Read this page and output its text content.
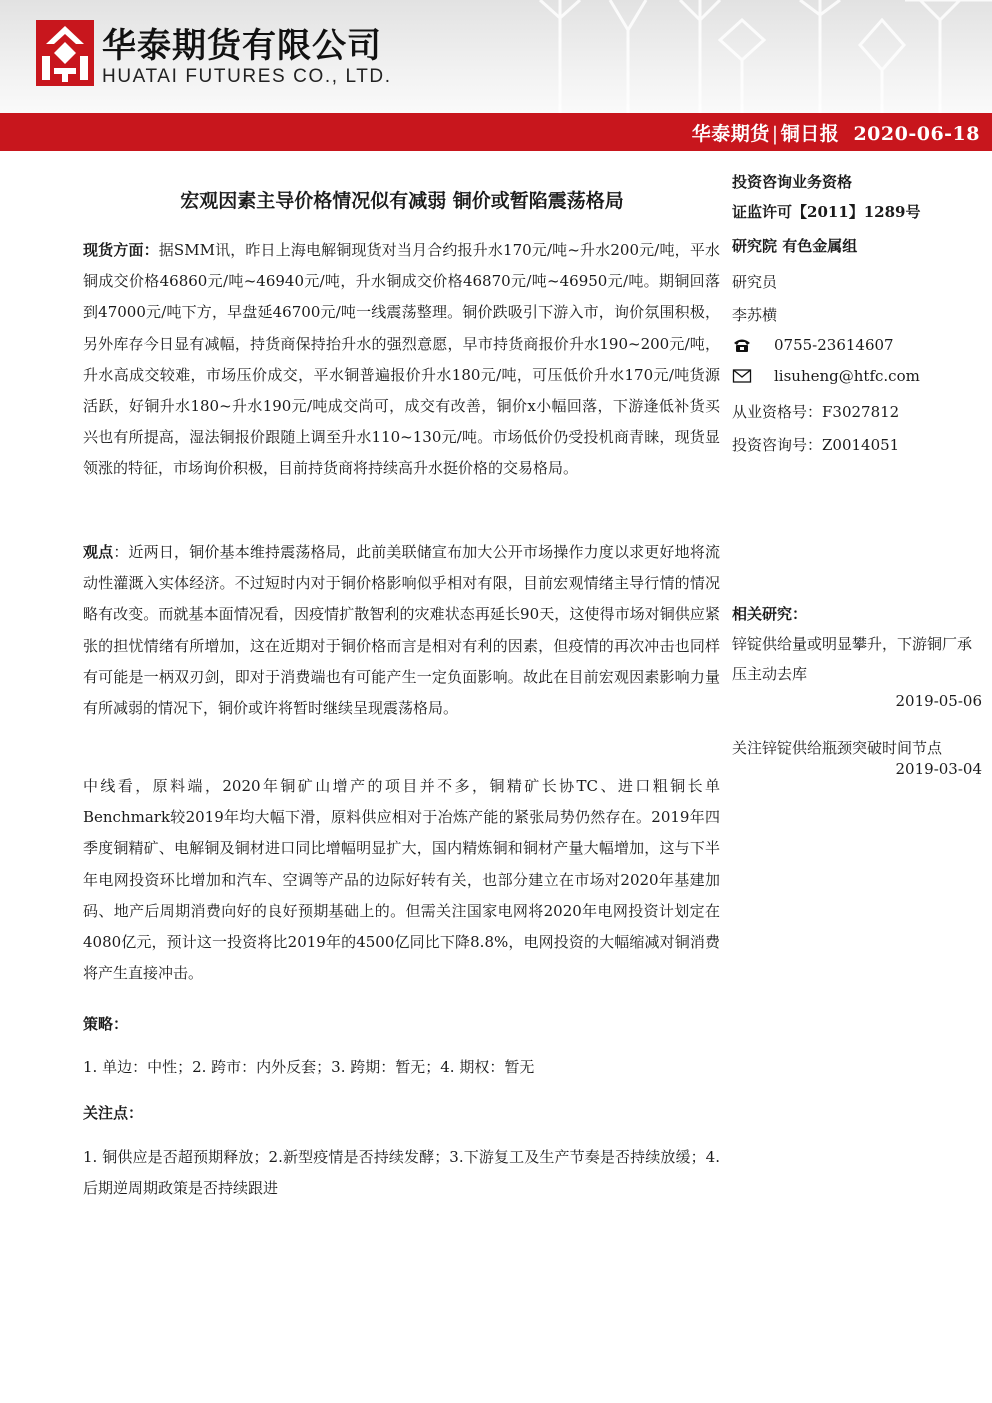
华泰期货有限公司
HUATAI FUTURES CO., LTD.
华泰期货 | 铜日报 2020-06-18
宏观因素主导价格情况似有减弱 铜价或暂陷震荡格局
现货方面：据SMM讯，昨日上海电解铜现货对当月合约报升水170元/吨~升水200元/吨，平水铜成交价格46860元/吨~46940元/吨，升水铜成交价格46870元/吨~46950元/吨。期铜回落到47000元/吨下方，早盘延46700元/吨一线震荡整理。铜价跌吸引下游入市，询价氛围积极，另外库存今日显有减幅，持货商保持抬升水的强烈意愿，早市持货商报价升水190~200元/吨，升水高成交较难，市场压价成交，平水铜普遍报价升水180元/吨，可压低价升水170元/吨货源活跃，好铜升水180~升水190元/吨成交尚可，成交有改善，铜价x小幅回落，下游逢低补货买兴也有所提高，湿法铜报价跟随上调至升水110~130元/吨。市场低价仍受投机商青睐，现货显领涨的特征，市场询价积极，目前持货商将持续高升水挺价格的交易格局。
观点：近两日，铜价基本维持震荡格局，此前美联储宣布加大公开市场操作力度以求更好地将流动性灌溉入实体经济。不过短时内对于铜价格影响似乎相对有限，目前宏观情绪主导行情的情况略有改变。而就基本面情况看，因疫情扩散智利的灾难状态再延长90天，这使得市场对铜供应紧张的担忧情绪有所增加，这在近期对于铜价格而言是相对有利的因素，但疫情的再次冲击也同样有可能是一柄双刃剑，即对于消费端也有可能产生一定负面影响。故此在目前宏观因素影响力量有所减弱的情况下，铜价或许将暂时继续呈现震荡格局。
中线看，原料端，2020年铜矿山增产的项目并不多，铜精矿长协TC、进口粗铜长单Benchmark较2019年均大幅下滑，原料供应相对于冶炼产能的紧张局势仍然存在。2019年四季度铜精矿、电解铜及铜材进口同比增幅明显扩大，国内精炼铜和铜材产量大幅增加，这与下半年电网投资环比增加和汽车、空调等产品的边际好转有关，也部分建立在市场对2020年基建加码、地产后周期消费向好的良好预期基础上的。但需关注国家电网将2020年电网投资计划定在4080亿元，预计这一投资将比2019年的4500亿同比下降8.8%，电网投资的大幅缩减对铜消费将产生直接冲击。
策略：
1. 单边：中性；2. 跨市：内外反套；3. 跨期：暂无；4. 期权：暂无
关注点：
1. 铜供应是否超预期释放；2.新型疫情是否持续发酵；3.下游复工及生产节奏是否持续放缓；4. 后期逆周期政策是否持续跟进
投资咨询业务资格
证监许可【2011】1289号
研究院 有色金属组
研究员
李苏横
0755-23614607
lisuheng@htfc.com
从业资格号：F3027812
投资咨询号：Z0014051
相关研究：
锌锭供给量或明显攀升，下游铜厂承压主动去库
2019-05-06
关注锌锭供给瓶颈突破时间节点
2019-03-04
